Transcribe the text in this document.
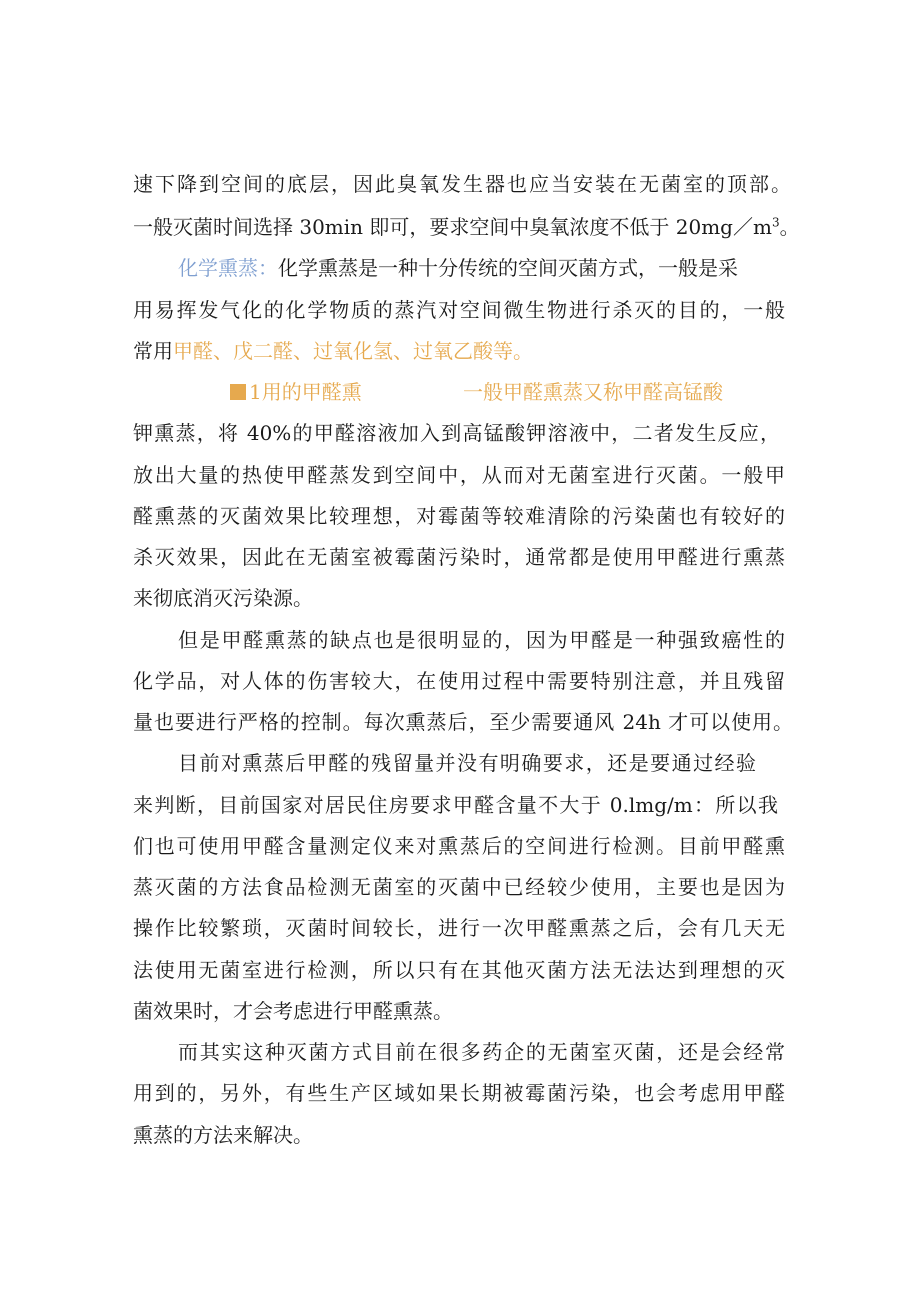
速下降到空间的底层，因此臭氧发生器也应当安装在无菌室的顶部。
一般灭菌时间选择 30min 即可，要求空间中臭氧浓度不低于 $20mg/m^3$。
化学熏蒸：化学熏蒸是一种十分传统的空间灭菌方式，一般是采
用易挥发气化的化学物质的蒸汽对空间微生物进行杀灭的目的，一般
常用甲醛、戊二醛、过氧化氢、过氧乙酸等。
1用的甲醛熏	一般甲醛熏蒸又称甲醛高锰酸
钾熏蒸，将 40%的甲醛溶液加入到高锰酸钾溶液中，二者发生反应，
放出大量的热使甲醛蒸发到空间中，从而对无菌室进行灭菌。一般甲
醛熏蒸的灭菌效果比较理想，对霉菌等较难清除的污染菌也有较好的
杀灭效果，因此在无菌室被霉菌污染时，通常都是使用甲醛进行熏蒸
来彻底消灭污染源。
但是甲醛熏蒸的缺点也是很明显的，因为甲醛是一种强致癌性的
化学品，对人体的伤害较大，在使用过程中需要特别注意，并且残留
量也要进行严格的控制。每次熏蒸后，至少需要通风 24h 才可以使用。
目前对熏蒸后甲醛的残留量并没有明确要求，还是要通过经验
来判断，目前国家对居民住房要求甲醛含量不大于 0.lmg/m：所以我
们也可使用甲醛含量测定仪来对熏蒸后的空间进行检测。目前甲醛熏
蒸灭菌的方法食品检测无菌室的灭菌中已经较少使用，主要也是因为
操作比较繁琐，灭菌时间较长，进行一次甲醛熏蒸之后，会有几天无
法使用无菌室进行检测，所以只有在其他灭菌方法无法达到理想的灭
菌效果时，才会考虑进行甲醛熏蒸。
而其实这种灭菌方式目前在很多药企的无菌室灭菌，还是会经常
用到的，另外，有些生产区域如果长期被霉菌污染，也会考虑用甲醛
熏蒸的方法来解决。
